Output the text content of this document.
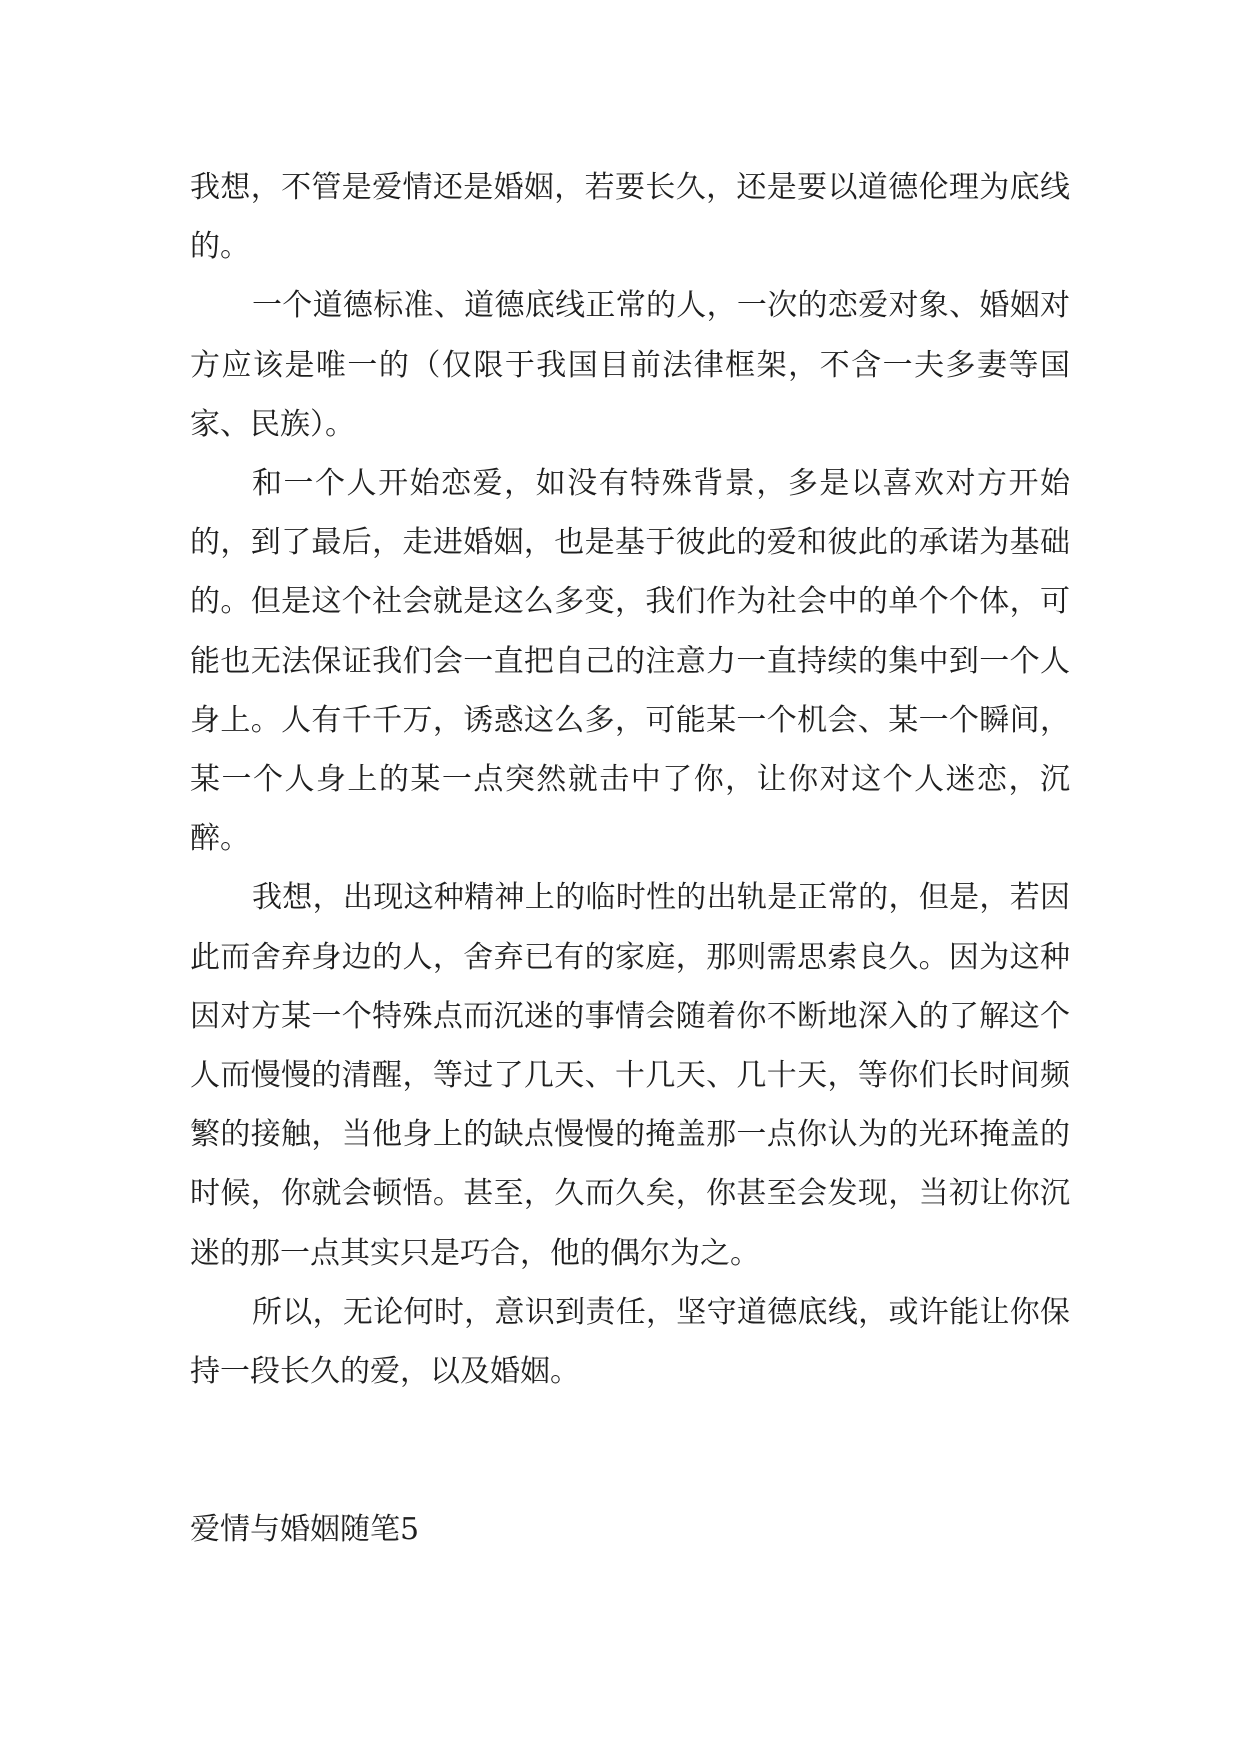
我想，不管是爱情还是婚姻，若要长久，还是要以道德伦理为底线的。

一个道德标准、道德底线正常的人，一次的恋爱对象、婚姻对方应该是唯一的（仅限于我国目前法律框架，不含一夫多妻等国家、民族）。

和一个人开始恋爱，如没有特殊背景，多是以喜欢对方开始的，到了最后，走进婚姻，也是基于彼此的爱和彼此的承诺为基础的。但是这个社会就是这么多变，我们作为社会中的单个个体，可能也无法保证我们会一直把自己的注意力一直持续的集中到一个人身上。人有千千万，诱惑这么多，可能某一个机会、某一个瞬间，某一个人身上的某一点突然就击中了你，让你对这个人迷恋，沉醉。

我想，出现这种精神上的临时性的出轨是正常的，但是，若因此而舍弃身边的人，舍弃已有的家庭，那则需思索良久。因为这种因对方某一个特殊点而沉迷的事情会随着你不断地深入的了解这个人而慢慢的清醒，等过了几天、十几天、几十天，等你们长时间频繁的接触，当他身上的缺点慢慢的掩盖那一点你认为的光环掩盖的时候，你就会顿悟。甚至，久而久矣，你甚至会发现，当初让你沉迷的那一点其实只是巧合，他的偶尔为之。

所以，无论何时，意识到责任，坚守道德底线，或许能让你保持一段长久的爱，以及婚姻。

爱情与婚姻随笔5
